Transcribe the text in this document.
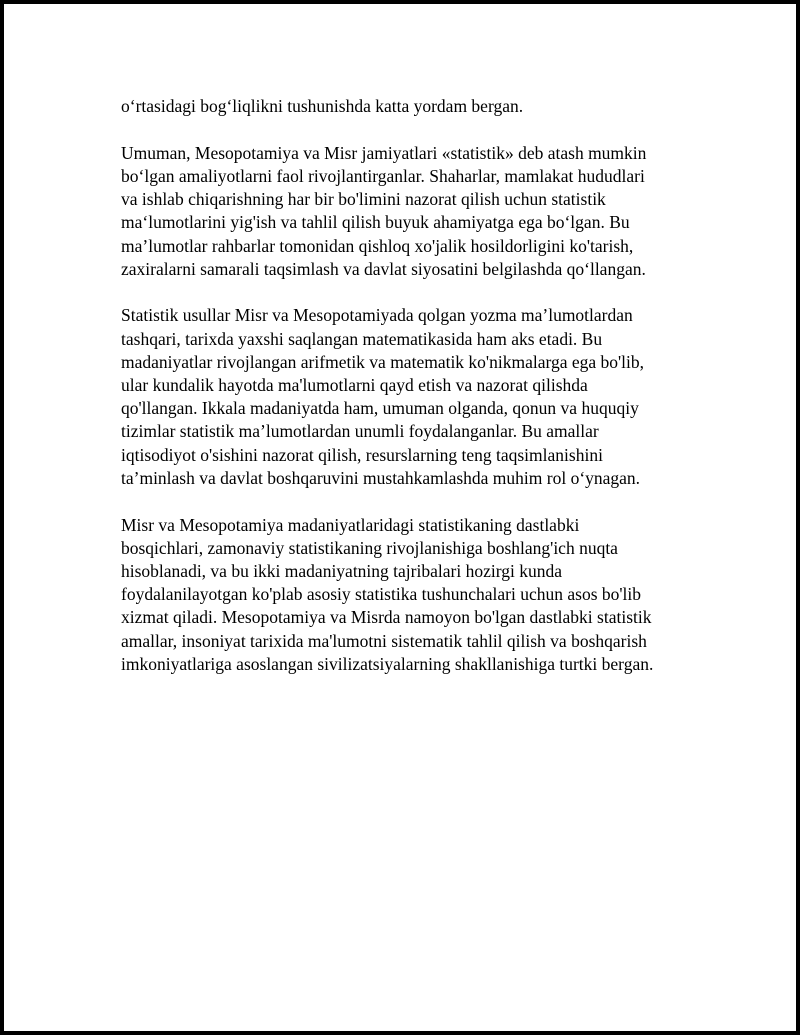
o‘rtasidagi bog‘liqlikni tushunishda katta yordam bergan.

Umuman, Mesopotamiya va Misr jamiyatlari «statistik» deb atash mumkin
bo‘lgan amaliyotlarni faol rivojlantirganlar. Shaharlar, mamlakat hududlari
va ishlab chiqarishning har bir bo'limini nazorat qilish uchun statistik
ma‘lumotlarini yig'ish va tahlil qilish buyuk ahamiyatga ega bo‘lgan. Bu
ma’lumotlar rahbarlar tomonidan qishloq xo'jalik hosildorligini ko'tarish,
zaxiralarni samarali taqsimlash va davlat siyosatini belgilashda qo‘llangan.

Statistik usullar Misr va Mesopotamiyada qolgan yozma ma’lumotlardan
tashqari, tarixda yaxshi saqlangan matematikasida ham aks etadi. Bu
madaniyatlar rivojlangan arifmetik va matematik ko'nikmalarga ega bo'lib,
ular kundalik hayotda ma'lumotlarni qayd etish va nazorat qilishda
qo'llangan. Ikkala madaniyatda ham, umuman olganda, qonun va huquqiy
tizimlar statistik ma’lumotlardan unumli foydalanganlar. Bu amallar
iqtisodiyot o'sishini nazorat qilish, resurslarning teng taqsimlanishini
ta’minlash va davlat boshqaruvini mustahkamlashda muhim rol o‘ynagan.

Misr va Mesopotamiya madaniyatlaridagi statistikaning dastlabki
bosqichlari, zamonaviy statistikaning rivojlanishiga boshlang'ich nuqta
hisoblanadi, va bu ikki madaniyatning tajribalari hozirgi kunda
foydalanilayotgan ko'plab asosiy statistika tushunchalari uchun asos bo'lib
xizmat qiladi. Mesopotamiya va Misrda namoyon bo'lgan dastlabki statistik
amallar, insoniyat tarixida ma'lumotni sistematik tahlil qilish va boshqarish
imkoniyatlariga asoslangan sivilizatsiyalarning shakllanishiga turtki bergan.
